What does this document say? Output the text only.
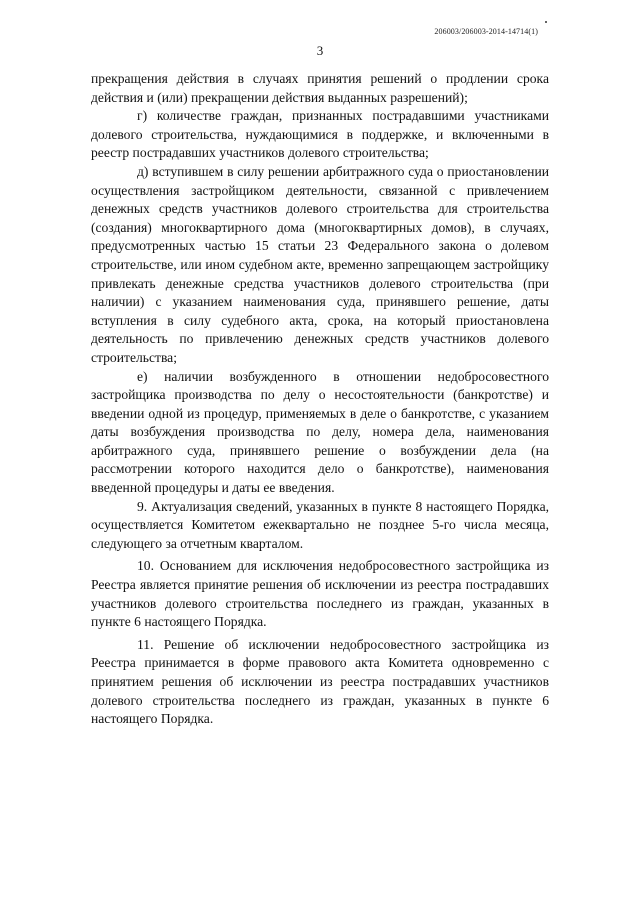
206003/206003-2014-14714(1)
3

прекращения действия в случаях принятия решений о продлении срока действия и (или) прекращении действия выданных разрешений);

г) количестве граждан, признанных пострадавшими участниками долевого строительства, нуждающимися в поддержке, и включенными в реестр пострадавших участников долевого строительства;

д) вступившем в силу решении арбитражного суда о приостановлении осуществления застройщиком деятельности, связанной с привлечением денежных средств участников долевого строительства для строительства (создания) многоквартирного дома (многоквартирных домов), в случаях, предусмотренных частью 15 статьи 23 Федерального закона о долевом строительстве, или ином судебном акте, временно запрещающем застройщику привлекать денежные средства участников долевого строительства (при наличии) с указанием наименования суда, принявшего решение, даты вступления в силу судебного акта, срока, на который приостановлена деятельность по привлечению денежных средств участников долевого строительства;

е) наличии возбужденного в отношении недобросовестного застройщика производства по делу о несостоятельности (банкротстве) и введении одной из процедур, применяемых в деле о банкротстве, с указанием даты возбуждения производства по делу, номера дела, наименования арбитражного суда, принявшего решение о возбуждении дела (на рассмотрении которого находится дело о банкротстве), наименования введенной процедуры и даты ее введения.

9. Актуализация сведений, указанных в пункте 8 настоящего Порядка, осуществляется Комитетом ежеквартально не позднее 5-го числа месяца, следующего за отчетным кварталом.

10. Основанием для исключения недобросовестного застройщика из Реестра является принятие решения об исключении из реестра пострадавших участников долевого строительства последнего из граждан, указанных в пункте 6 настоящего Порядка.

11. Решение об исключении недобросовестного застройщика из Реестра принимается в форме правового акта Комитета одновременно с принятием решения об исключении из реестра пострадавших участников долевого строительства последнего из граждан, указанных в пункте 6 настоящего Порядка.
